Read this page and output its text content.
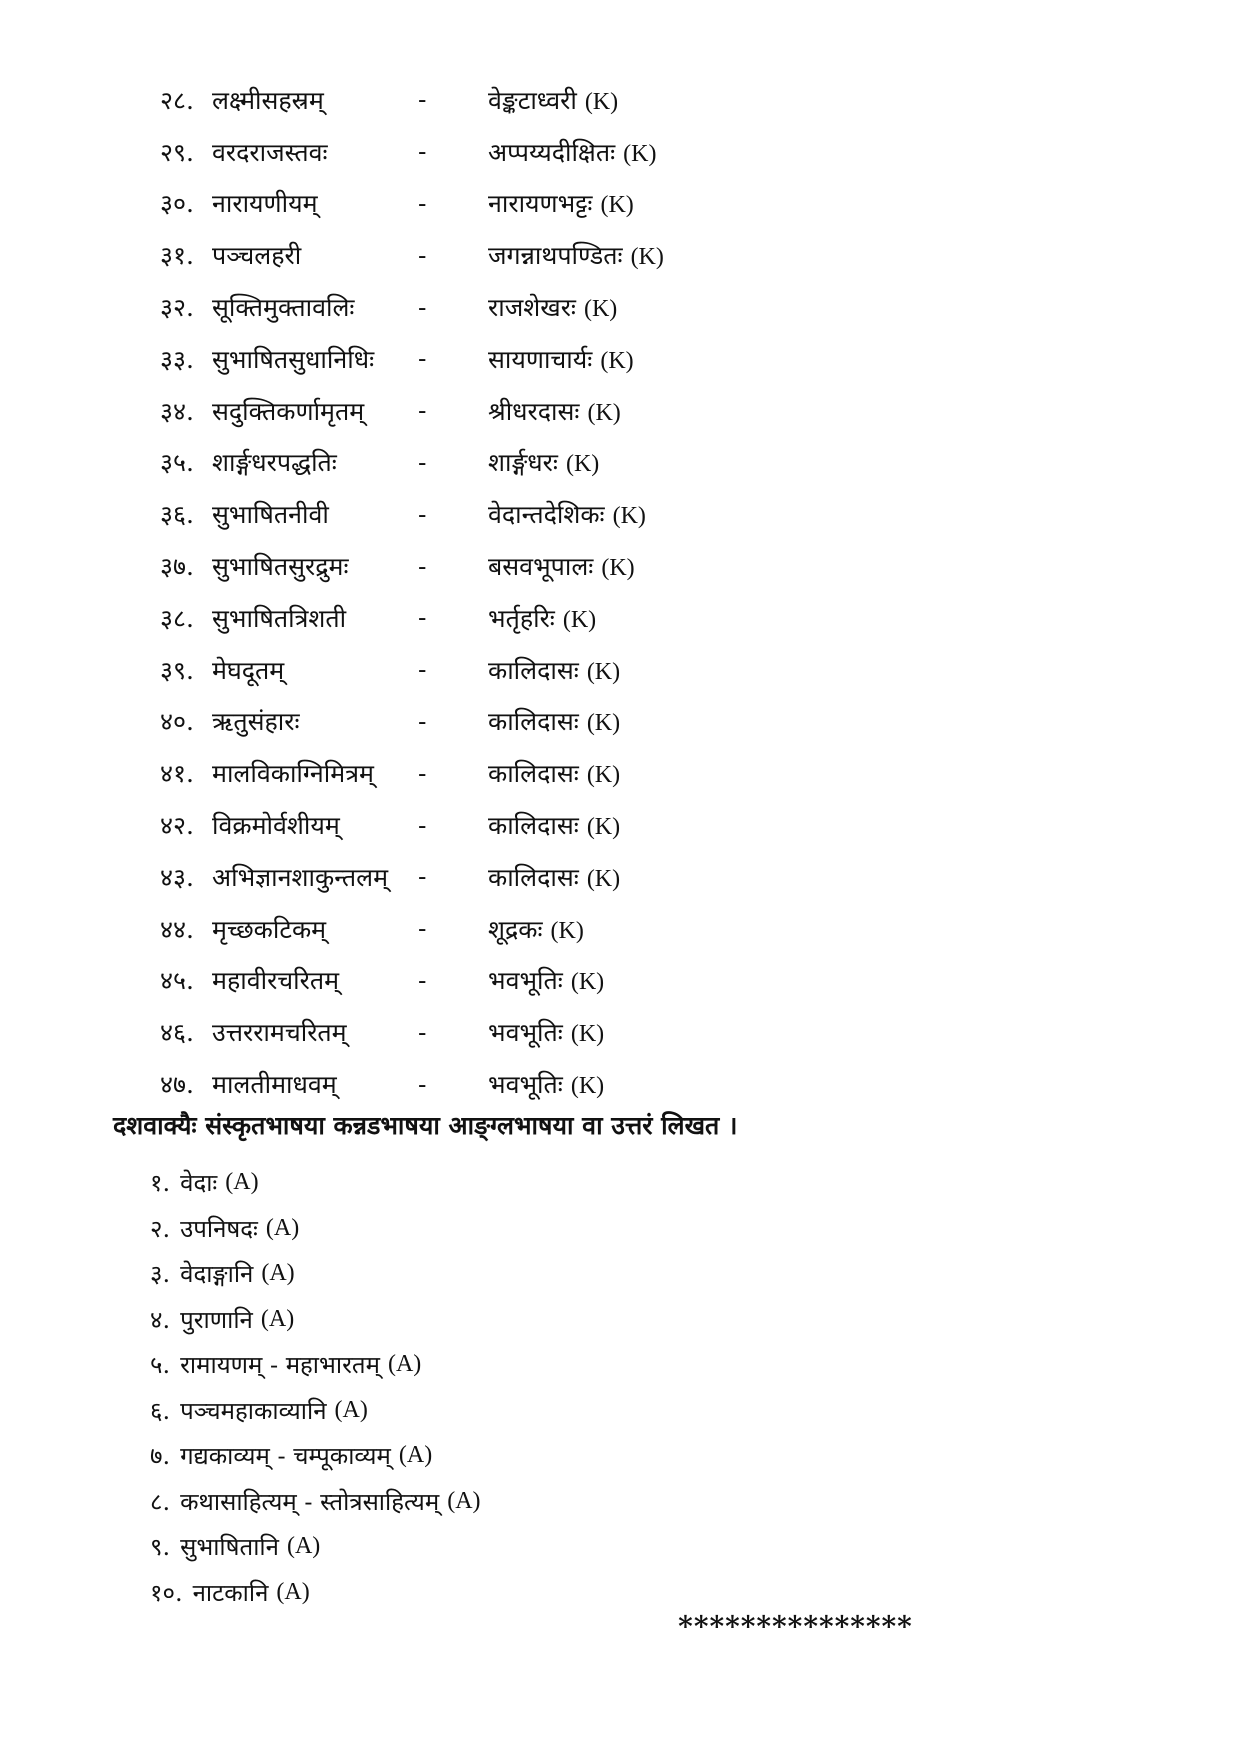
२८. लक्ष्मीसहस्रम्	-	वेङ्कटाध्वरी (K)
२९. वरदराजस्तवः	-	अप्पय्यदीक्षितः (K)
३०. नारायणीयम्	-	नारायणभट्टः (K)
३१. पञ्चलहरी	-	जगन्नाथपण्डितः (K)
३२. सूक्तिमुक्तावलिः	-	राजशेखरः (K)
३३. सुभाषितसुधानिधिः	-	सायणाचार्यः (K)
३४. सदुक्तिकर्णामृतम्	-	श्रीधरदासः (K)
३५. शार्ङ्गधरपद्धतिः	-	शार्ङ्गधरः (K)
३६. सुभाषितनीवी	-	वेदान्तदेशिकः (K)
३७. सुभाषितसुरद्रुमः	-	बसवभूपालः (K)
३८. सुभाषितत्रिशती	-	भर्तृहरिः (K)
३९. मेघदूतम्	-	कालिदासः (K)
४०. ऋतुसंहारः	-	कालिदासः (K)
४१. मालविकाग्निमित्रम्	-	कालिदासः (K)
४२. विक्रमोर्वशीयम्	-	कालिदासः (K)
४३. अभिज्ञानशाकुन्तलम्	-	कालिदासः (K)
४४. मृच्छकटिकम्	-	शूद्रकः (K)
४५. महावीरचरितम्	-	भवभूतिः (K)
४६. उत्तररामचरितम्	-	भवभूतिः (K)
४७. मालतीमाधवम्	-	भवभूतिः (K)

दशवाक्यैः संस्कृतभाषया कन्नडभाषया आङ्ग्लभाषया वा उत्तरं लिखत ।

१. वेदाः (A)
२. उपनिषदः (A)
३. वेदाङ्गानि (A)
४. पुराणानि (A)
५. रामायणम् - महाभारतम् (A)
६. पञ्चमहाकाव्यानि (A)
७. गद्यकाव्यम् - चम्पूकाव्यम् (A)
८. कथासाहित्यम् - स्तोत्रसाहित्यम् (A)
९. सुभाषितानि (A)
१०. नाटकानि (A)
***************
